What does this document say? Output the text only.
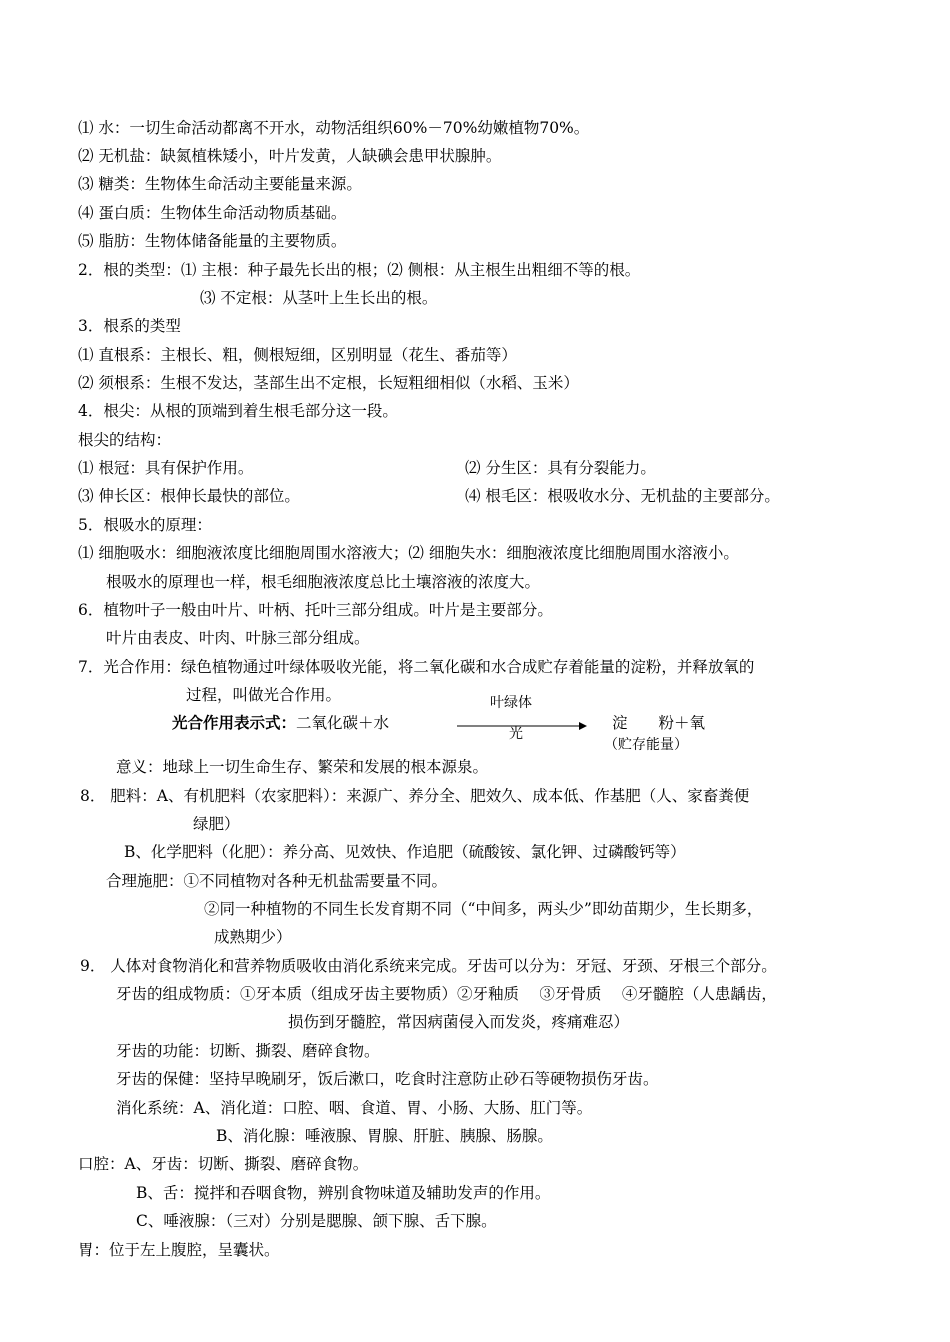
⑴ 水：一切生命活动都离不开水，动物活组织60%－70%幼嫩植物70%。
⑵ 无机盐：缺氮植株矮小，叶片发黄，人缺碘会患甲状腺肿。
⑶ 糖类：生物体生命活动主要能量来源。
⑷ 蛋白质：生物体生命活动物质基础。
⑸ 脂肪：生物体储备能量的主要物质。
2．根的类型：⑴ 主根：种子最先长出的根；⑵ 侧根：从主根生出粗细不等的根。
⑶ 不定根：从茎叶上生长出的根。
3．根系的类型
⑴ 直根系：主根长、粗，侧根短细，区别明显（花生、番茄等）
⑵ 须根系：生根不发达，茎部生出不定根，长短粗细相似（水稻、玉米）
4．根尖：从根的顶端到着生根毛部分这一段。
根尖的结构：
⑴ 根冠：具有保护作用。	⑵ 分生区：具有分裂能力。
⑶ 伸长区：根伸长最快的部位。	⑷ 根毛区：根吸收水分、无机盐的主要部分。
5．根吸水的原理：
⑴ 细胞吸水：细胞液浓度比细胞周围水溶液大；⑵ 细胞失水：细胞液浓度比细胞周围水溶液小。
根吸水的原理也一样，根毛细胞液浓度总比土壤溶液的浓度大。
6．植物叶子一般由叶片、叶柄、托叶三部分组成。叶片是主要部分。
叶片由表皮、叶肉、叶脉三部分组成。
7．光合作用：绿色植物通过叶绿体吸收光能，将二氧化碳和水合成贮存着能量的淀粉，并释放氧的
过程，叫做光合作用。	叶绿体
光合作用表示式：二氧化碳＋水	淀　　粉＋氧
光
（贮存能量）
意义：地球上一切生命生存、繁荣和发展的根本源泉。
8． 肥料：A、有机肥料（农家肥料）：来源广、养分全、肥效久、成本低、作基肥（人、家畜粪便
绿肥）
B、化学肥料（化肥）：养分高、见效快、作追肥（硫酸铵、氯化钾、过磷酸钙等）
合理施肥：①不同植物对各种无机盐需要量不同。
②同一种植物的不同生长发育期不同（“中间多，两头少”即幼苗期少，生长期多，
成熟期少）
9． 人体对食物消化和营养物质吸收由消化系统来完成。牙齿可以分为：牙冠、牙颈、牙根三个部分。
牙齿的组成物质：①牙本质（组成牙齿主要物质）②牙釉质　 ③牙骨质　 ④牙髓腔（人患龋齿，
损伤到牙髓腔，常因病菌侵入而发炎，疼痛难忍）
牙齿的功能：切断、撕裂、磨碎食物。
牙齿的保健：坚持早晚刷牙，饭后漱口，吃食时注意防止砂石等硬物损伤牙齿。
消化系统：A、消化道：口腔、咽、食道、胃、小肠、大肠、肛门等。
B、消化腺：唾液腺、胃腺、肝脏、胰腺、肠腺。
口腔：A、牙齿：切断、撕裂、磨碎食物。
B、舌：搅拌和吞咽食物，辨别食物味道及辅助发声的作用。
C、唾液腺：（三对）分别是腮腺、颌下腺、舌下腺。
胃：位于左上腹腔，呈囊状。
